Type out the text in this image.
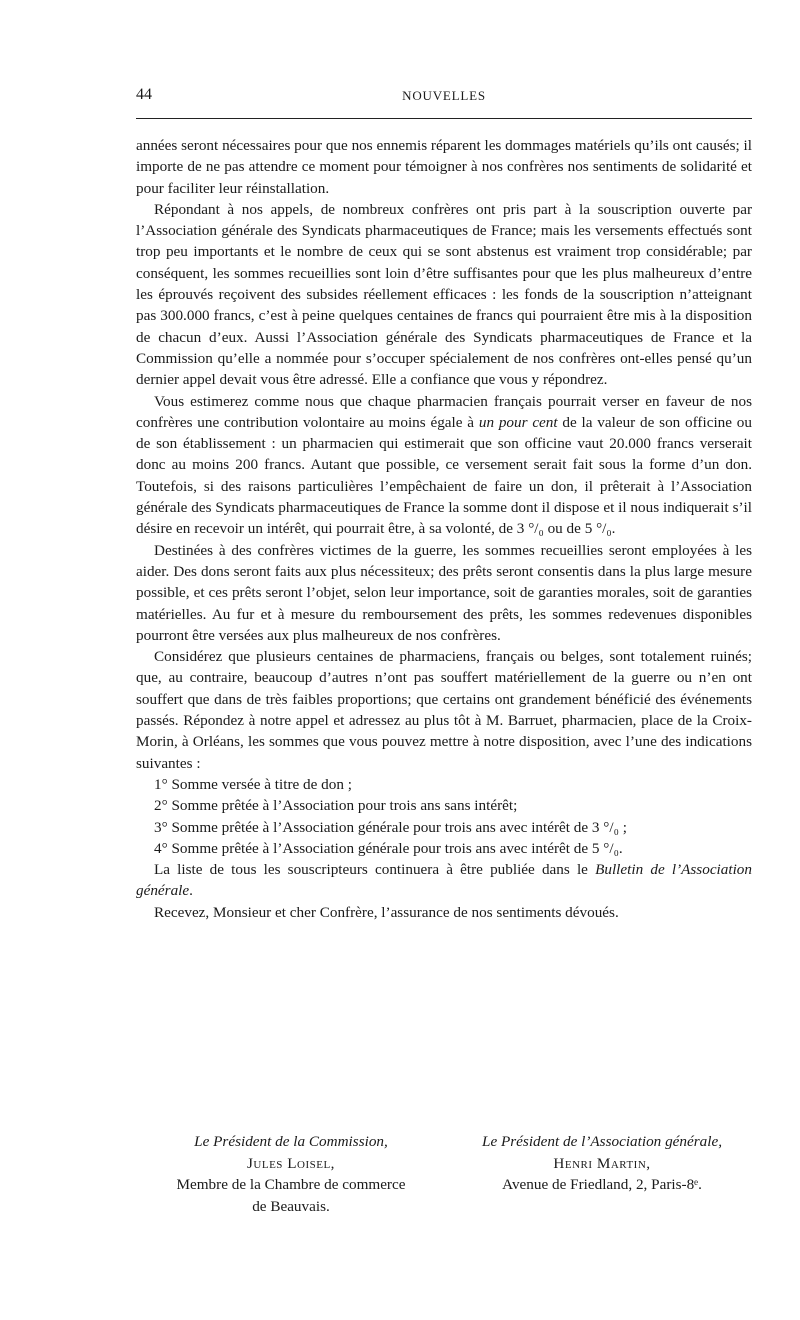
44	NOUVELLES

années seront nécessaires pour que nos ennemis réparent les dommages matériels qu’ils ont causés; il importe de ne pas attendre ce moment pour témoigner à nos confrères nos sentiments de solidarité et pour faciliter leur réinstallation.

Répondant à nos appels, de nombreux confrères ont pris part à la souscription ouverte par l’Association générale des Syndicats pharmaceutiques de France; mais les versements effectués sont trop peu importants et le nombre de ceux qui se sont abstenus est vraiment trop considérable; par conséquent, les sommes recueillies sont loin d’être suffisantes pour que les plus malheureux d’entre les éprouvés reçoivent des subsides réellement efficaces : les fonds de la souscription n’atteignant pas 300.000 francs, c’est à peine quelques centaines de francs qui pourraient être mis à la disposition de chacun d’eux. Aussi l’Association générale des Syndicats pharmaceutiques de France et la Commission qu’elle a nommée pour s’occuper spécialement de nos confrères ont-elles pensé qu’un dernier appel devait vous être adressé. Elle a confiance que vous y répondrez.

Vous estimerez comme nous que chaque pharmacien français pourrait verser en faveur de nos confrères une contribution volontaire au moins égale à un pour cent de la valeur de son officine ou de son établissement : un pharmacien qui estimerait que son officine vaut 20.000 francs verserait donc au moins 200 francs. Autant que possible, ce versement serait fait sous la forme d’un don. Toutefois, si des raisons particulières l’empêchaient de faire un don, il prêterait à l’Association générale des Syndicats pharmaceutiques de France la somme dont il dispose et il nous indiquerait s’il désire en recevoir un intérêt, qui pourrait être, à sa volonté, de 3 °/₀ ou de 5 °/₀.

Destinées à des confrères victimes de la guerre, les sommes recueillies seront employées à les aider. Des dons seront faits aux plus nécessiteux; des prêts seront consentis dans la plus large mesure possible, et ces prêts seront l’objet, selon leur importance, soit de garanties morales, soit de garanties matérielles. Au fur et à mesure du remboursement des prêts, les sommes redevenues disponibles pourront être versées aux plus malheureux de nos confrères.

Considérez que plusieurs centaines de pharmaciens, français ou belges, sont totalement ruinés; que, au contraire, beaucoup d’autres n’ont pas souffert matériellement de la guerre ou n’en ont souffert que dans de très faibles proportions; que certains ont grandement bénéficié des événements passés. Répondez à notre appel et adressez au plus tôt à M. Barruet, pharmacien, place de la Croix-Morin, à Orléans, les sommes que vous pouvez mettre à notre disposition, avec l’une des indications suivantes :

1° Somme versée à titre de don ;
2° Somme prêtée à l’Association pour trois ans sans intérêt;
3° Somme prêtée à l’Association générale pour trois ans avec intérêt de 3 °/₀ ;
4° Somme prêtée à l’Association générale pour trois ans avec intérêt de 5 °/₀.

La liste de tous les souscripteurs continuera à être publiée dans le Bulletin de l’Association générale.

Recevez, Monsieur et cher Confrère, l’assurance de nos sentiments dévoués.

Le Président de la Commission,
Jules Loisel,
Membre de la Chambre de commerce
de Beauvais.
Le Président de l’Association générale,
Henri Martin,
Avenue de Friedland, 2, Paris-8ᵉ.
